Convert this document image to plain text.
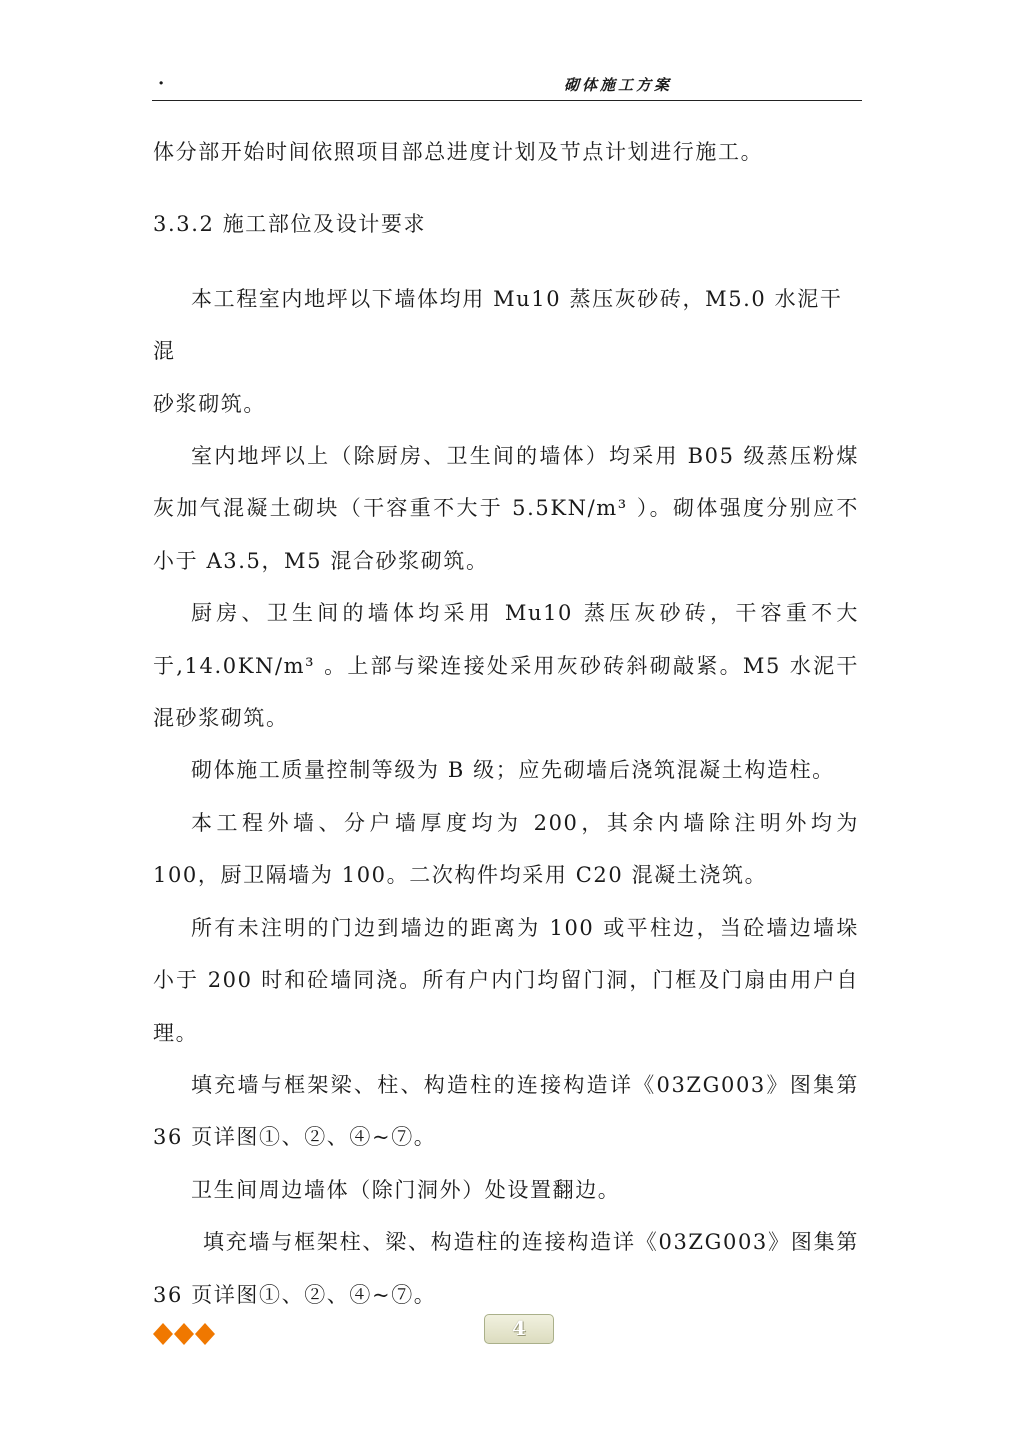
·	砌体施工方案

体分部开始时间依照项目部总进度计划及节点计划进行施工。

3.3.2 施工部位及设计要求

本工程室内地坪以下墙体均用 Mu10 蒸压灰砂砖，M5.0 水泥干混

砂浆砌筑。

室内地坪以上（除厨房、卫生间的墙体）均采用 B05 级蒸压粉煤灰加气混凝土砌块（干容重不大于 5.5KN/m³ ）。砌体强度分别应不小于 A3.5，M5 混合砂浆砌筑。

厨房、卫生间的墙体均采用 Mu10 蒸压灰砂砖，干容重不大于,14.0KN/m³ 。上部与梁连接处采用灰砂砖斜砌敲紧。M5 水泥干混砂浆砌筑。

砌体施工质量控制等级为 B 级；应先砌墙后浇筑混凝土构造柱。

本工程外墙、分户墙厚度均为 200，其余内墙除注明外均为 100，厨卫隔墙为 100。二次构件均采用 C20 混凝土浇筑。

所有未注明的门边到墙边的距离为 100 或平柱边，当砼墙边墙垛小于 200 时和砼墙同浇。所有户内门均留门洞，门框及门扇由用户自理。

填充墙与框架梁、柱、构造柱的连接构造详《03ZG003》图集第 36 页详图①、②、④~⑦。

卫生间周边墙体（除门洞外）处设置翻边。

填充墙与框架柱、梁、构造柱的连接构造详《03ZG003》图集第 36 页详图①、②、④~⑦。

4
